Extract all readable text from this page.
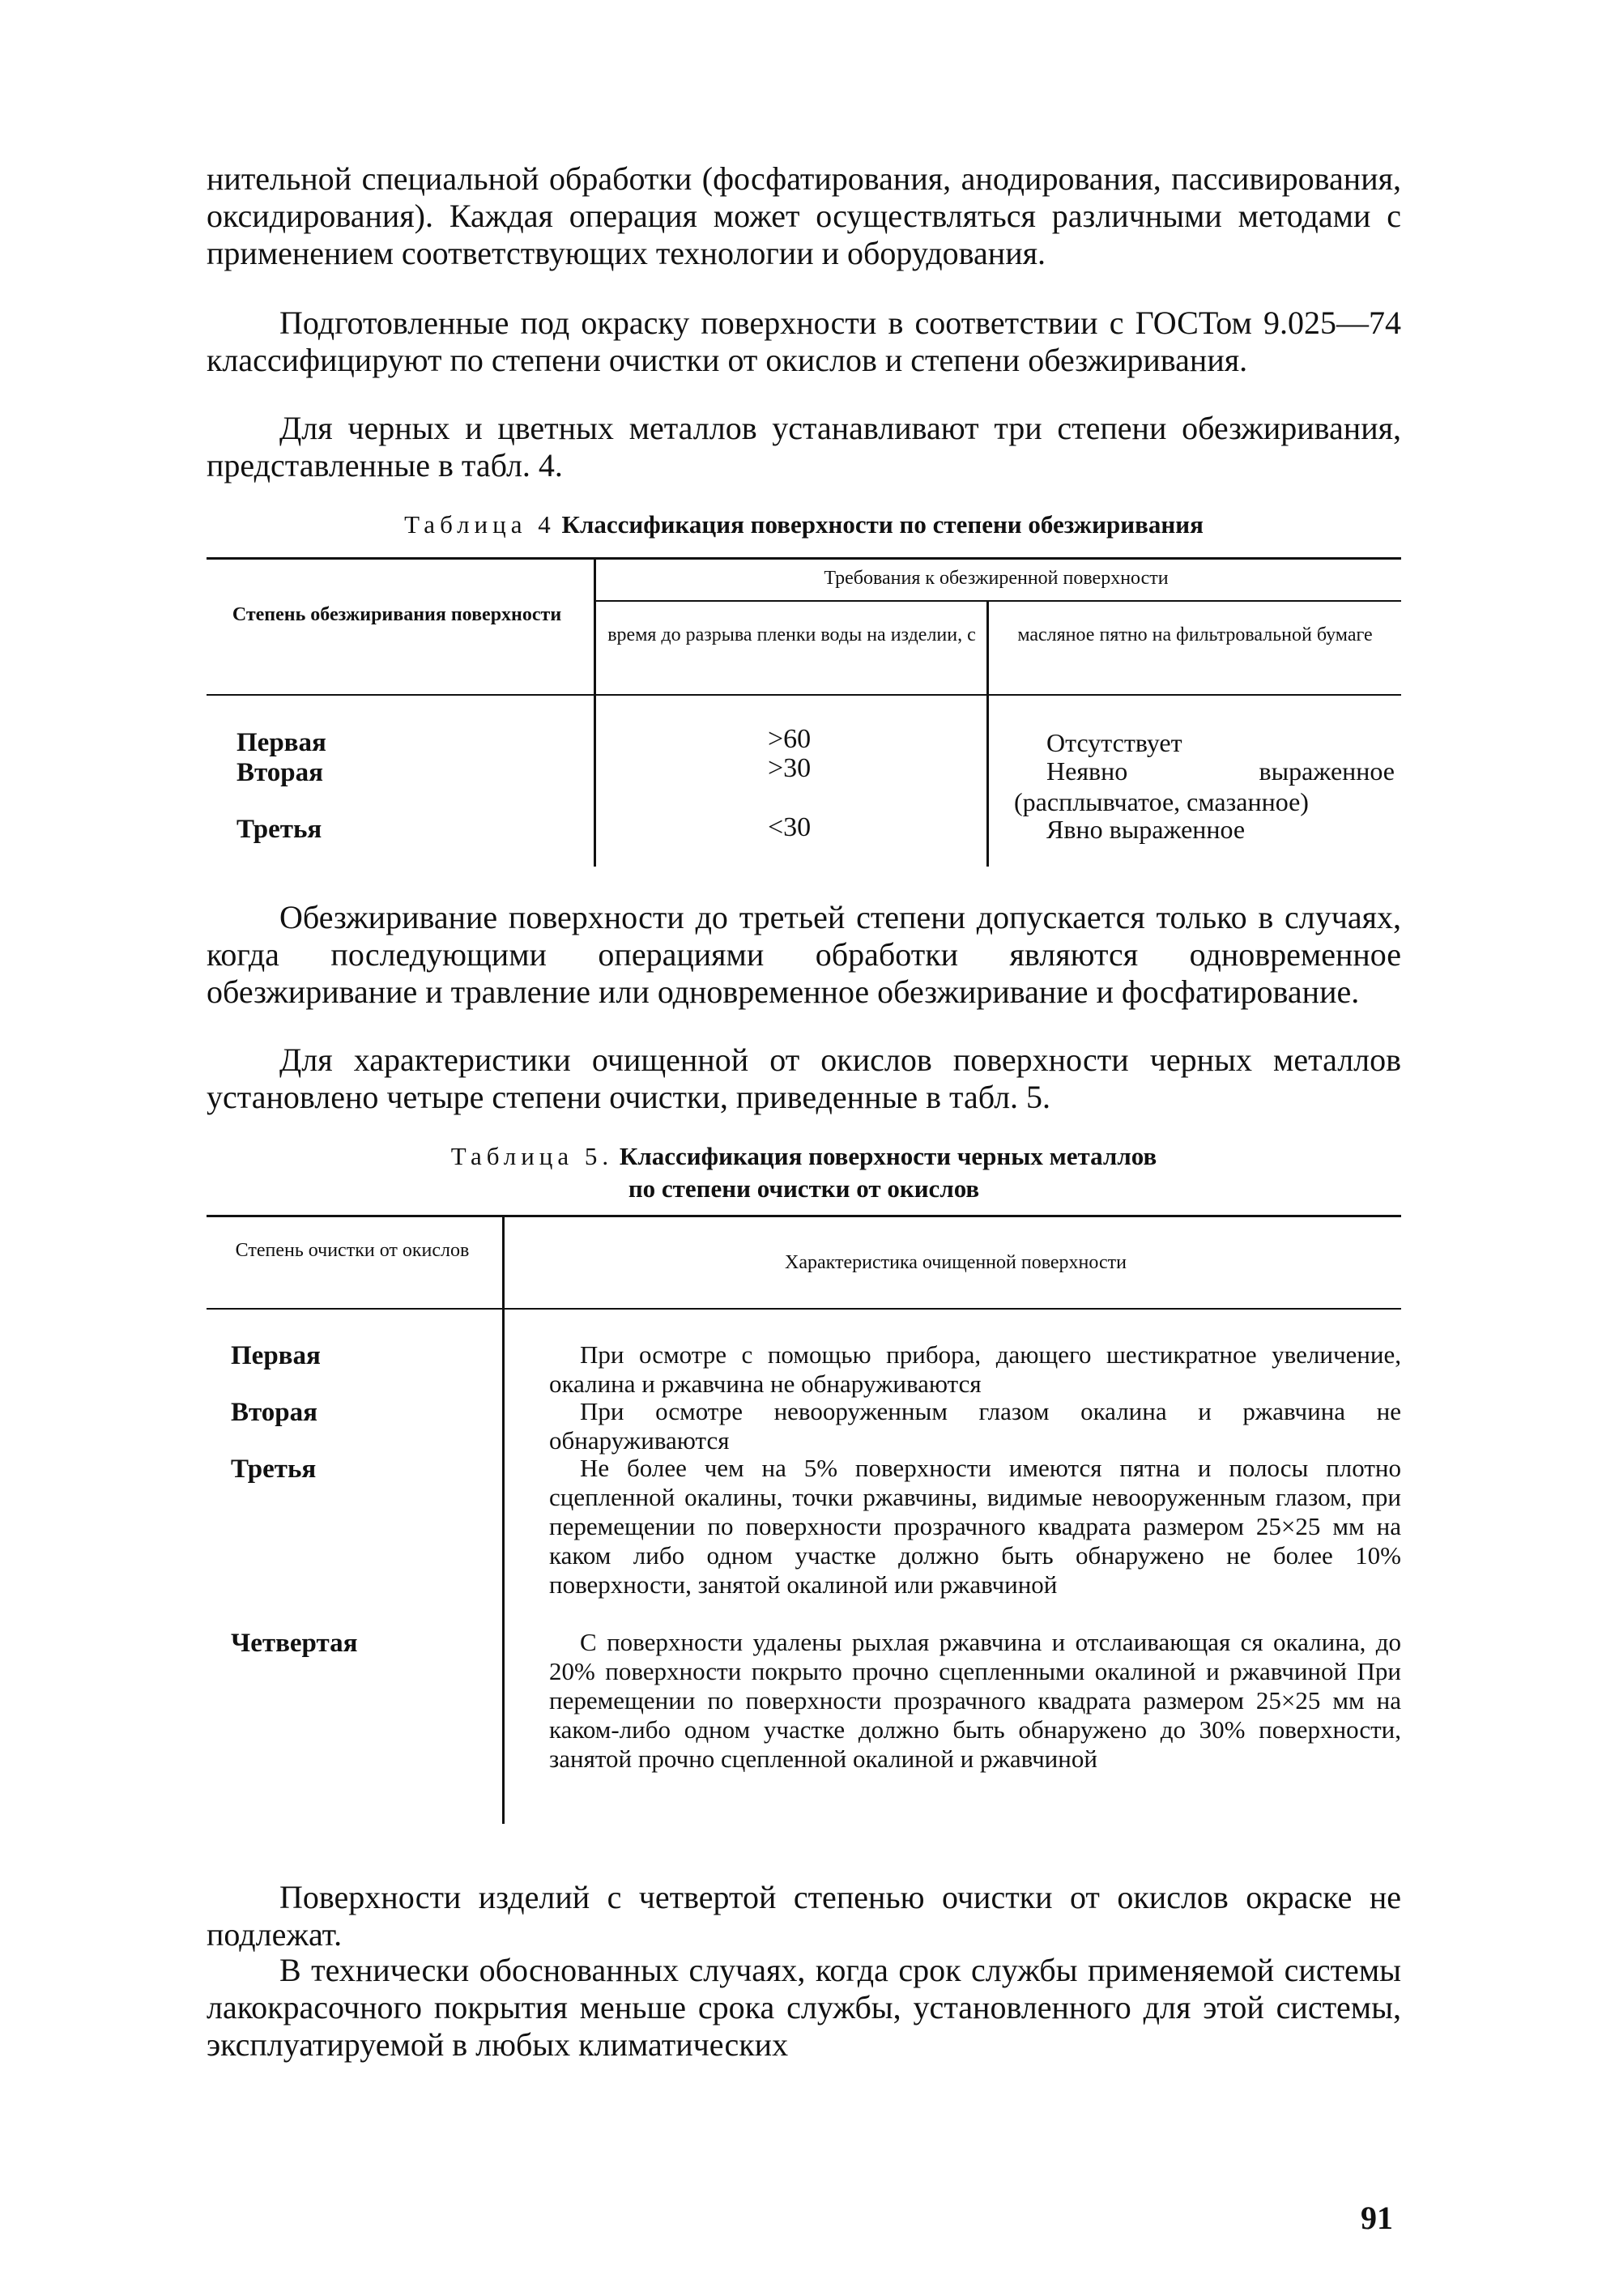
нительной специальной обработки (фосфатирования, анодирования, пассивирования, оксидирования). Каждая операция может осуществляться различными методами с применением соответствующих технологии и оборудования.

Подготовленные под окраску поверхности в соответствии с ГОСТом 9.025—74 классифицируют по степени очистки от окислов и степени обезжиривания.

Для черных и цветных металлов устанавливают три степени обезжиривания, представленные в табл. 4.

Таблица 4 Классификация поверхности по степени обезжиривания

Степень обезжиривания поверхности
Требования к обезжиренной поверхности
время до разрыва пленки воды на изделии, с	масляное пятно на фильтровальной бумаге
Первая
Вторая
Третья
>60
>30
<30
Отсутствует
Неявно выраженное (расплывчатое, смазанное)
Явно выраженное

Обезжиривание поверхности до третьей степени допускается только в случаях, когда последующими операциями обработки являются одновременное обезжиривание и травление или одновременное обезжиривание и фосфатирование.

Для характеристики очищенной от окислов поверхности черных металлов установлено четыре степени очистки, приведенные в табл. 5.

Таблица 5. Классификация поверхности черных металлов
по степени очистки от окислов

Степень очистки от окислов
Характеристика очищенной поверхности
Первая
Вторая
Третья
Четвертая
При осмотре с помощью прибора, дающего шестикратное увеличение, окалина и ржавчина не обнаруживаются
При осмотре невооруженным глазом окалина и ржавчина не обнаруживаются
Не более чем на 5% поверхности имеются пятна и полосы плотно сцепленной окалины, точки ржавчины, видимые невооруженным глазом, при перемещении по поверхности прозрачного квадрата размером 25×25 мм на каком либо одном участке должно быть обнаружено не более 10% поверхности, занятой окалиной или ржавчиной
С поверхности удалены рыхлая ржавчина и отслаивающая ся окалина, до 20% поверхности покрыто прочно сцепленными окалиной и ржавчиной При перемещении по поверхности прозрачного квадрата размером 25×25 мм на каком-либо одном участке должно быть обнаружено до 30% поверхности, занятой прочно сцепленной окалиной и ржавчиной

Поверхности изделий с четвертой степенью очистки от окислов окраске не подлежат.

В технически обоснованных случаях, когда срок службы применяемой системы лакокрасочного покрытия меньше срока службы, установленного для этой системы, эксплуатируемой в любых климатических

91
